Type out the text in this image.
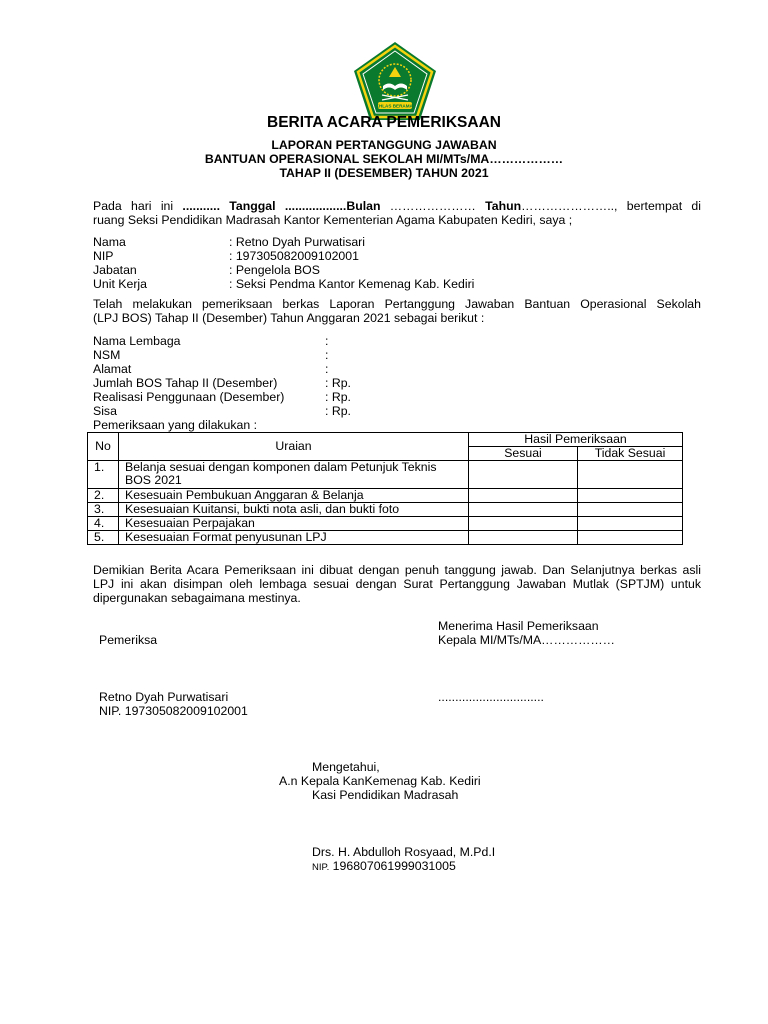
IKHLAS BERAMAL
BERITA ACARA PEMERIKSAAN
LAPORAN PERTANGGUNG JAWABAN
BANTUAN OPERASIONAL SEKOLAH MI/MTs/MA………………
TAHAP II (DESEMBER) TAHUN 2021
Pada hari ini ........... Tanggal ..................Bulan ………………… Tahun………………….., bertempat di
ruang Seksi Pendidikan Madrasah Kantor Kementerian Agama Kabupaten Kediri, saya ;
Nama	: Retno Dyah Purwatisari
NIP	: 197305082009102001
Jabatan	: Pengelola BOS
Unit Kerja	: Seksi Pendma Kantor Kemenag Kab. Kediri
Telah melakukan pemeriksaan berkas Laporan Pertanggung Jawaban Bantuan Operasional Sekolah
(LPJ BOS) Tahap II (Desember) Tahun Anggaran 2021 sebagai berikut :
Nama Lembaga	:
NSM	:
Alamat	:
Jumlah BOS Tahap II (Desember)	: Rp.
Realisasi Penggunaan (Desember)	: Rp.
Sisa	: Rp.
Pemeriksaan yang dilakukan :
No	Uraian	Hasil Pemeriksaan	
		Sesuai	Tidak Sesuai
1.	Belanja sesuai dengan komponen dalam Petunjuk Teknis BOS 2021		
2.	Kesesuain Pembukuan Anggaran & Belanja		
3.	Kesesuaian Kuitansi, bukti nota asli, dan bukti foto		
4.	Kesesuaian Perpajakan		
5.	Kesesuaian Format penyusunan LPJ		
Demikian Berita Acara Pemeriksaan ini dibuat dengan penuh tanggung jawab. Dan Selanjutnya berkas asli
LPJ ini akan disimpan oleh lembaga sesuai dengan Surat Pertanggung Jawaban Mutlak (SPTJM) untuk
dipergunakan sebagaimana mestinya.
Menerima Hasil Pemeriksaan
Kepala MI/MTs/MA………………
Pemeriksa
Retno Dyah Purwatisari
NIP. 197305082009102001
...............................
Mengetahui,
A.n Kepala KanKemenag Kab. Kediri
Kasi Pendidikan Madrasah
Drs. H. Abdulloh Rosyaad, M.Pd.I
NIP. 196807061999031005
